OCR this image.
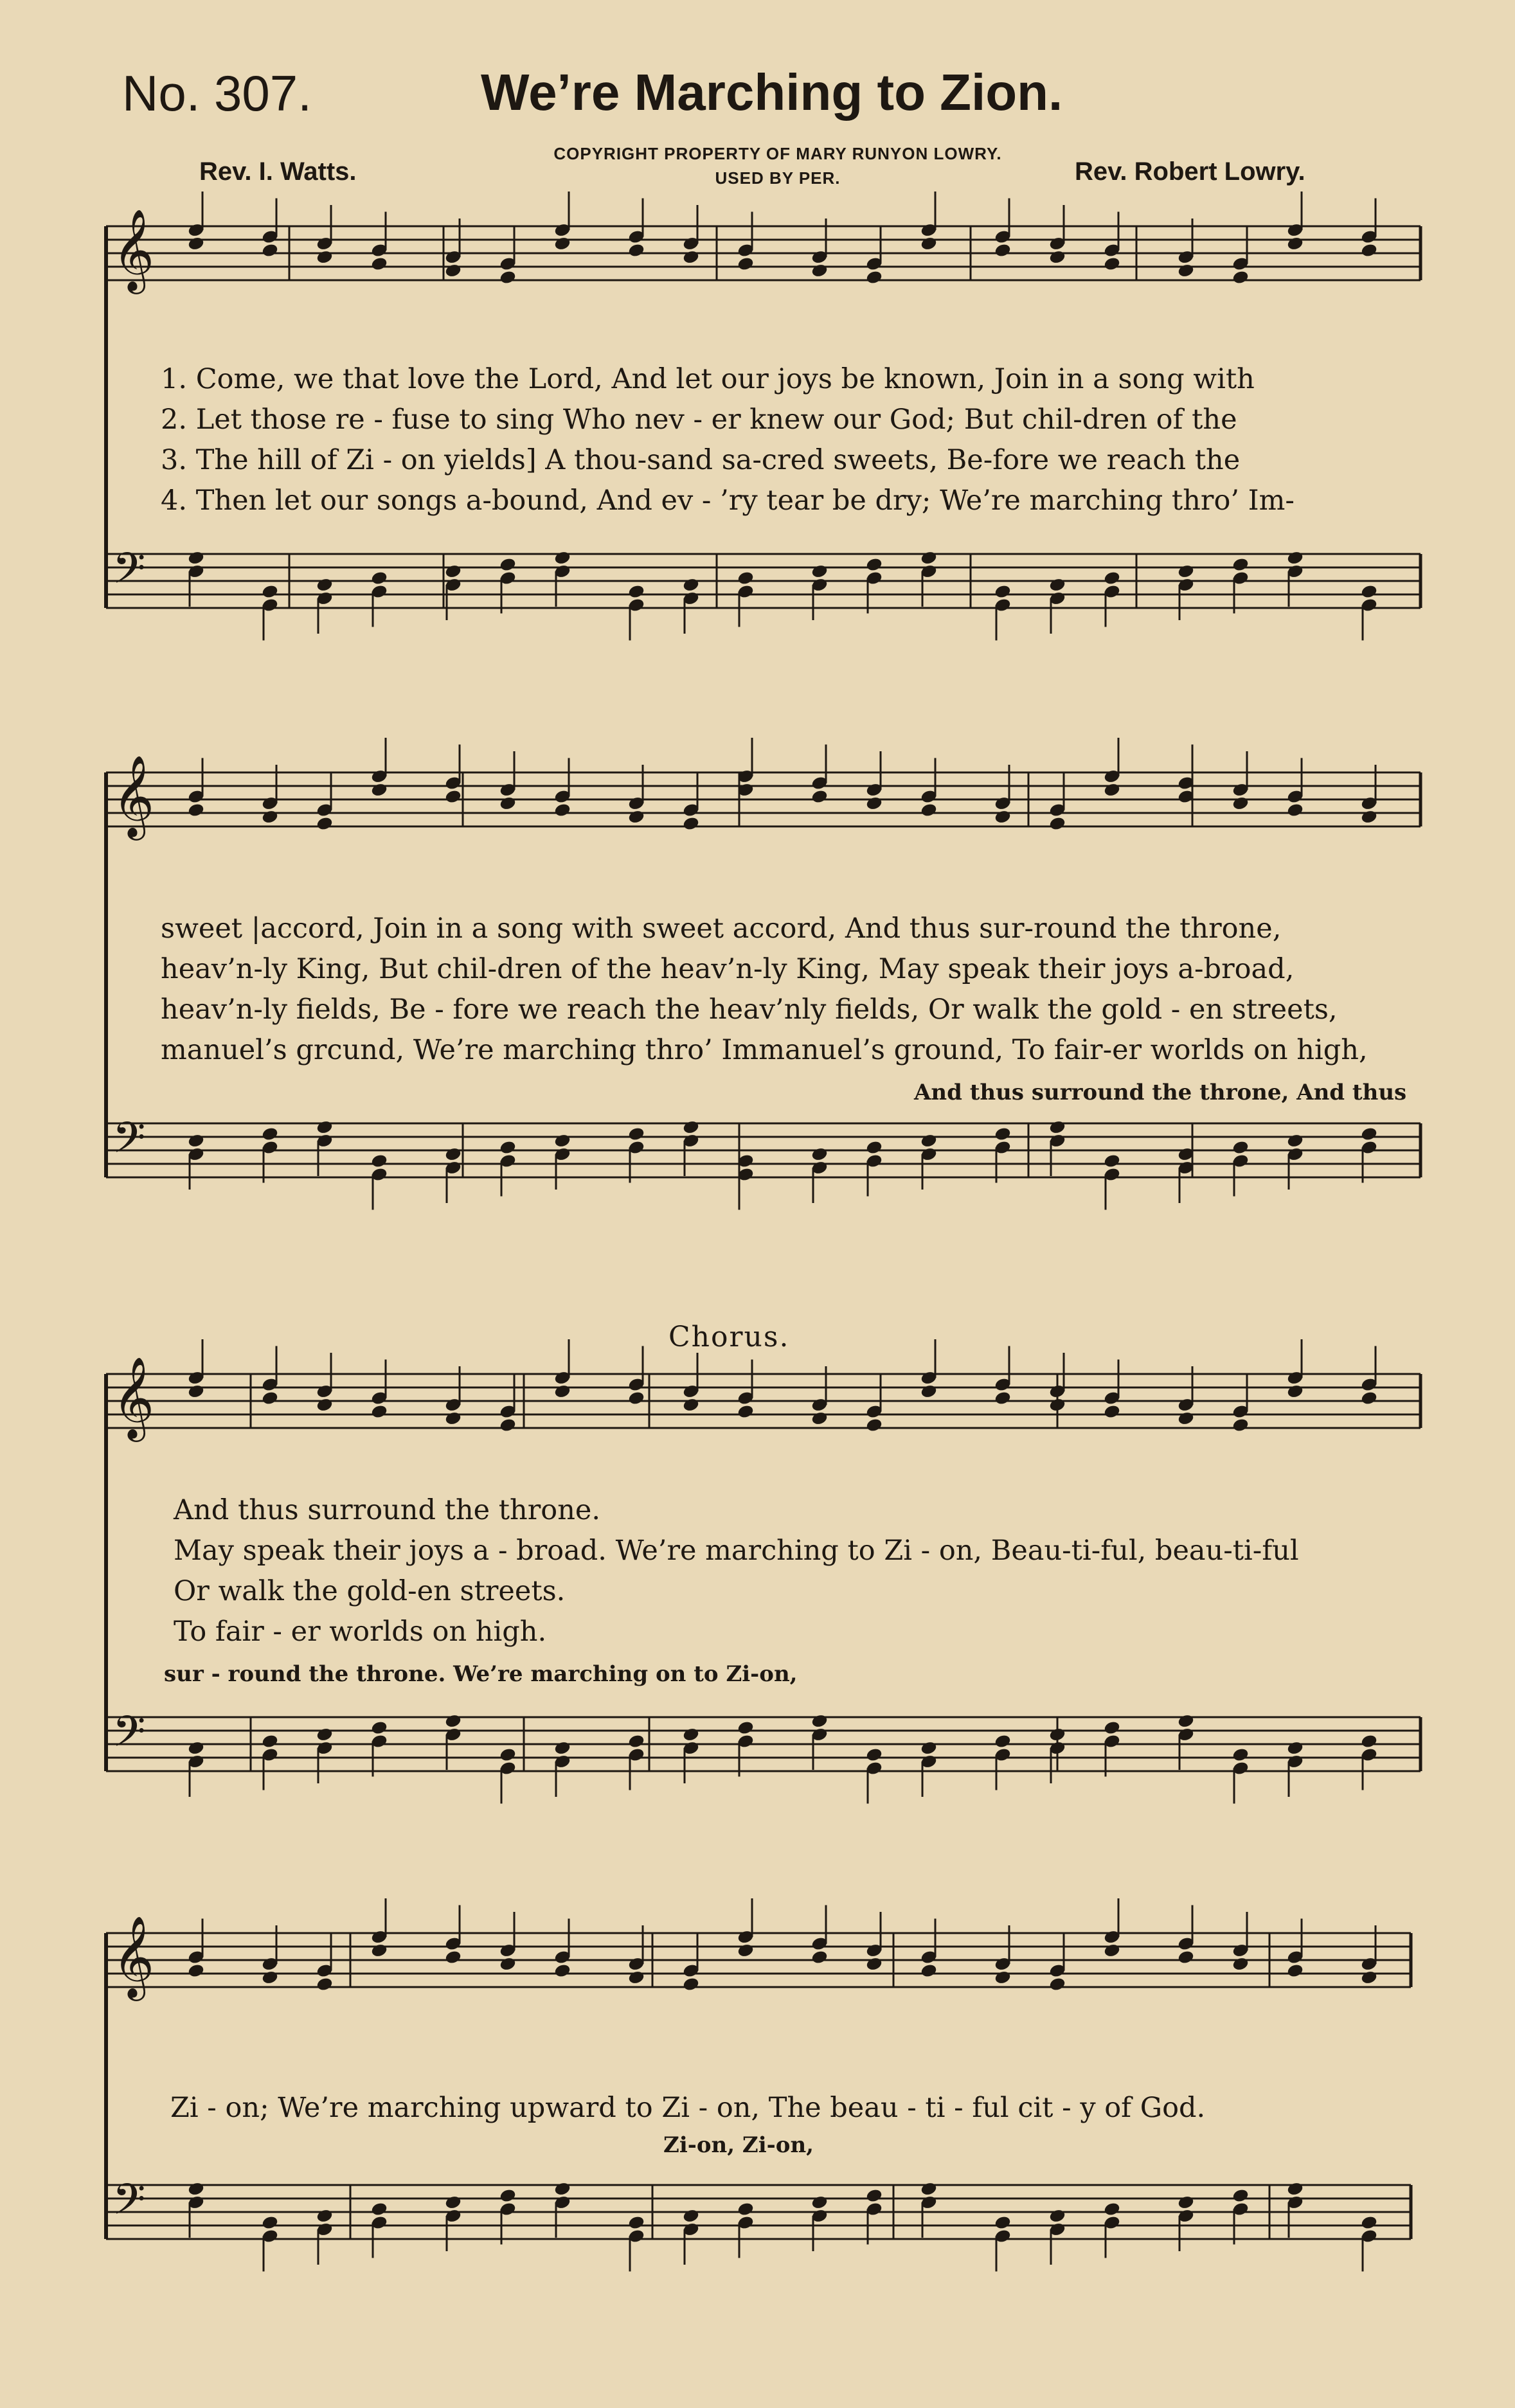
𝄞
𝄢
𝄞
𝄢
𝄞
𝄢
𝄞
𝄢
No. 307.	We’re Marching to Zion.
Rev. I. Watts.	Rev. Robert Lowry.
COPYRIGHT PROPERTY OF MARY RUNYON LOWRY.
USED BY PER.
1. Come, we that love the Lord, And let our joys be known, Join in a song with
2. Let those re - fuse to sing Who nev - er knew our God; But chil-dren of the
3. The hill of Zi - on yields] A thou-sand sa-cred sweets, Be-fore we reach the
4. Then let our songs a-bound, And ev - ’ry tear be dry; We’re marching thro’ Im-
sweet |accord, Join in a song with sweet accord, And thus sur-round the throne,
heav’n-ly King, But chil-dren of the heav’n-ly King, May speak their joys a-broad,
heav’n-ly fields, Be - fore we reach the heav’nly fields, Or walk the gold - en streets,
manuel’s grcund, We’re marching thro’ Immanuel’s ground, To fair-er worlds on high,
And thus surround the throne, And thus
Chorus.
And thus surround the throne.
May speak their joys a - broad. We’re marching to Zi - on, Beau-ti-ful, beau-ti-ful
Or walk the gold-en streets.
To fair - er worlds on high.
sur - round the throne. We’re marching on to Zi-on,
Zi - on; We’re marching upward to Zi - on, The beau - ti - ful cit - y of God.
Zi-on, Zi-on,
